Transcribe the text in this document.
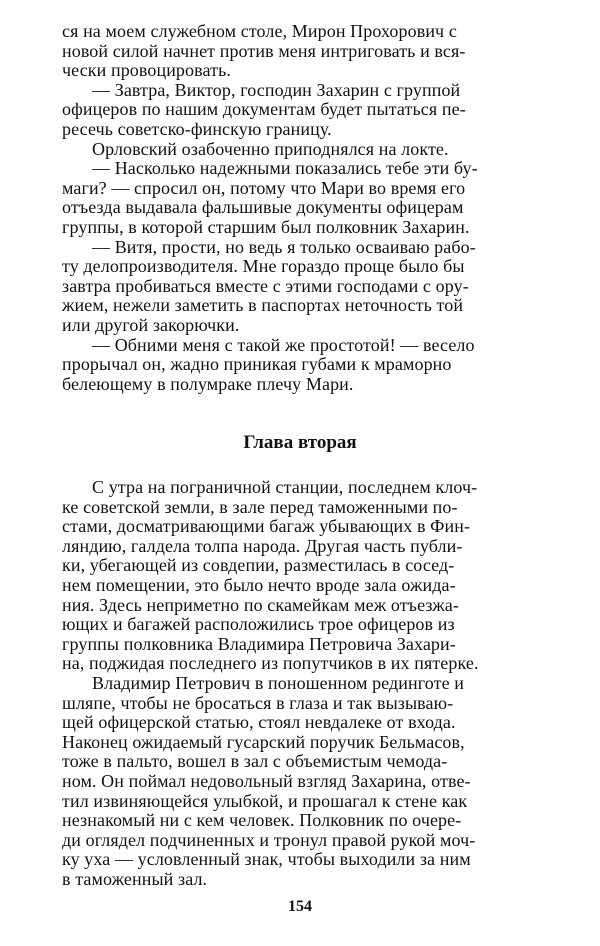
Глава вторая
154
ся на моем служебном столе, Мирон Прохорович с
новой силой начнет против меня интриговать и вся-
чески провоцировать.
— Завтра, Виктор, господин Захарин с группой
офицеров по нашим документам будет пытаться пе-
ресечь советско-финскую границу.
Орловский озабоченно приподнялся на локте.
— Насколько надежными показались тебе эти бу-
маги? — спросил он, потому что Мари во время его
отъезда выдавала фальшивые документы офицерам
группы, в которой старшим был полковник Захарин.
— Витя, прости, но ведь я только осваиваю рабо-
ту делопроизводителя. Мне гораздо проще было бы
завтра пробиваться вместе с этими господами с ору-
жием, нежели заметить в паспортах неточность той
или другой закорючки.
— Обними меня с такой же простотой! — весело
прорычал он, жадно приникая губами к мраморно
белеющему в полумраке плечу Мари.
С утра на пограничной станции, последнем клоч-
ке советской земли, в зале перед таможенными по-
стами, досматривающими багаж убывающих в Фин-
ляндию, галдела толпа народа. Другая часть публи-
ки, убегающей из совдепии, разместилась в сосед-
нем помещении, это было нечто вроде зала ожида-
ния. Здесь неприметно по скамейкам меж отъезжа-
ющих и багажей расположились трое офицеров из
группы полковника Владимира Петровича Захари-
на, поджидая последнего из попутчиков в их пятерке.
Владимир Петрович в поношенном рединготе и
шляпе, чтобы не бросаться в глаза и так вызываю-
щей офицерской статью, стоял невдалеке от входа.
Наконец ожидаемый гусарский поручик Бельмасов,
тоже в пальто, вошел в зал с объемистым чемода-
ном. Он поймал недовольный взгляд Захарина, отве-
тил извиняющейся улыбкой, и прошагал к стене как
незнакомый ни с кем человек. Полковник по очере-
ди оглядел подчиненных и тронул правой рукой моч-
ку уха — условленный знак, чтобы выходили за ним
в таможенный зал.
